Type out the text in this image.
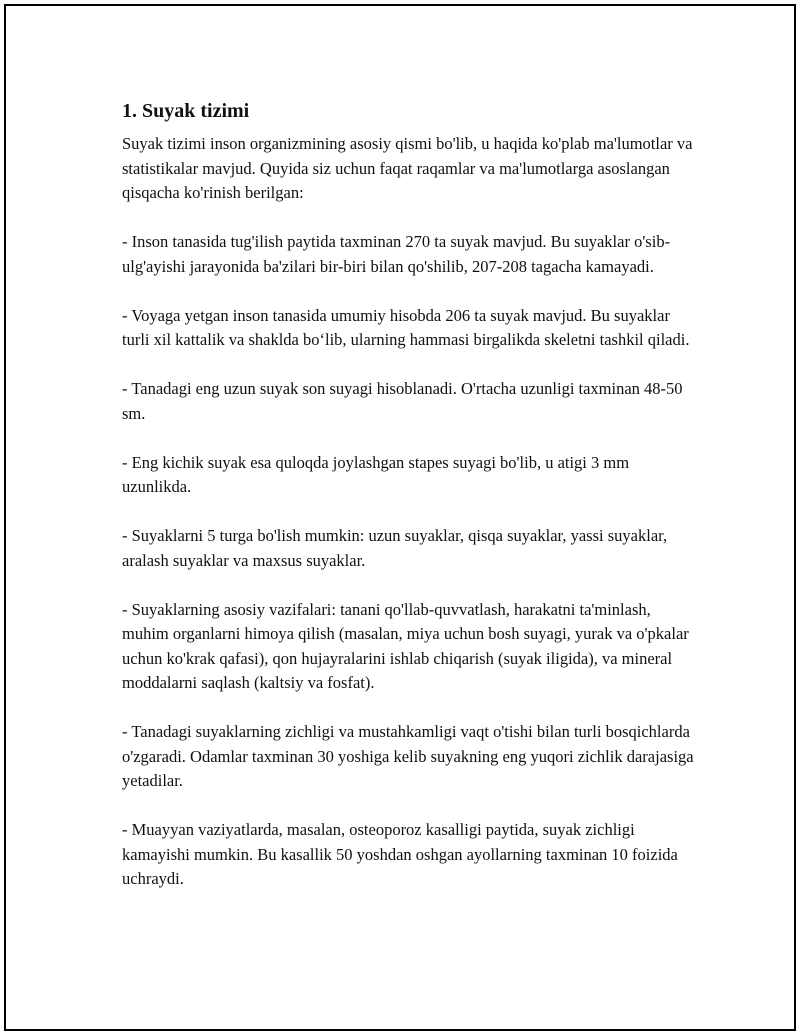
1. Suyak tizimi

Suyak tizimi inson organizmining asosiy qismi bo'lib, u haqida ko'plab ma'lumotlar va statistikalar mavjud. Quyida siz uchun faqat raqamlar va ma'lumotlarga asoslangan qisqacha ko'rinish berilgan:

- Inson tanasida tug'ilish paytida taxminan 270 ta suyak mavjud. Bu suyaklar o'sib-ulg'ayishi jarayonida ba'zilari bir-biri bilan qo'shilib, 207-208 tagacha kamayadi.

- Voyaga yetgan inson tanasida umumiy hisobda 206 ta suyak mavjud. Bu suyaklar turli xil kattalik va shaklda bo‘lib, ularning hammasi birgalikda skeletni tashkil qiladi.

- Tanadagi eng uzun suyak son suyagi hisoblanadi. O'rtacha uzunligi taxminan 48-50 sm.

- Eng kichik suyak esa quloqda joylashgan stapes suyagi bo'lib, u atigi 3 mm uzunlikda.

- Suyaklarni 5 turga bo'lish mumkin: uzun suyaklar, qisqa suyaklar, yassi suyaklar, aralash suyaklar va maxsus suyaklar.

- Suyaklarning asosiy vazifalari: tanani qo'llab-quvvatlash, harakatni ta'minlash, muhim organlarni himoya qilish (masalan, miya uchun bosh suyagi, yurak va o'pkalar uchun ko'krak qafasi), qon hujayralarini ishlab chiqarish (suyak iligida), va mineral moddalarni saqlash (kaltsiy va fosfat).

- Tanadagi suyaklarning zichligi va mustahkamligi vaqt o'tishi bilan turli bosqichlarda o'zgaradi. Odamlar taxminan 30 yoshiga kelib suyakning eng yuqori zichlik darajasiga yetadilar.

- Muayyan vaziyatlarda, masalan, osteoporoz kasalligi paytida, suyak zichligi kamayishi mumkin. Bu kasallik 50 yoshdan oshgan ayollarning taxminan 10 foizida uchraydi.
